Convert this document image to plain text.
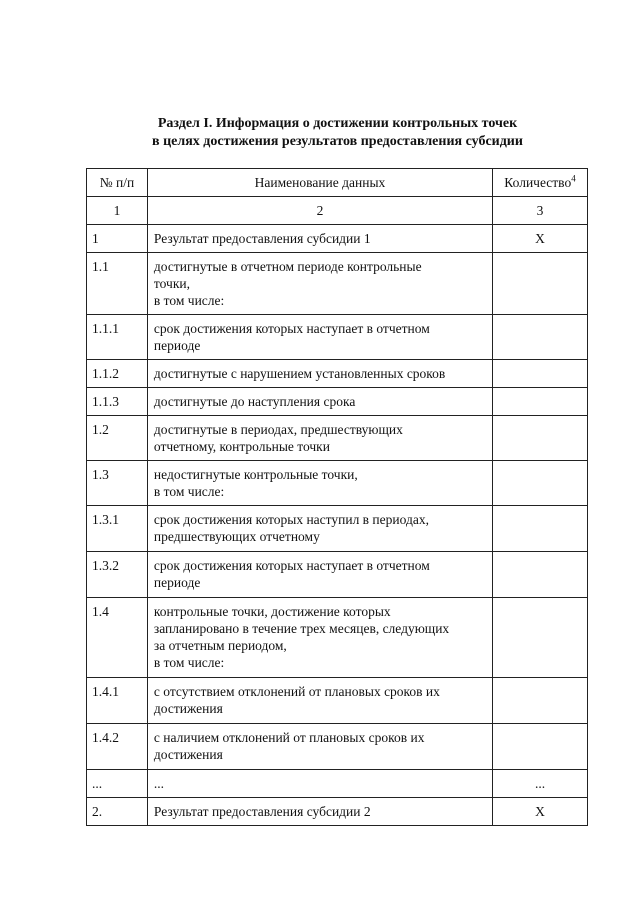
Раздел I. Информация о достижении контрольных точек
в целях достижения результатов предоставления субсидии
№ п/п	Наименование данных	Количество$^4$
1	2	3
1	Результат предоставления субсидии 1	X
1.1	достигнутые в отчетном периоде контрольные
точки,
в том числе:	

1.1.1	срок достижения которых наступает в отчетном
периоде	

1.1.2	достигнутые с нарушением установленных сроков	

1.1.3	достигнутые до наступления срока	

1.2	достигнутые в периодах, предшествующих
отчетному, контрольные точки	

1.3	недостигнутые контрольные точки,
в том числе:	

1.3.1	срок достижения которых наступил в периодах,
предшествующих отчетному	

1.3.2	срок достижения которых наступает в отчетном
периоде	

1.4	контрольные точки, достижение которых
запланировано в течение трех месяцев, следующих
за отчетным периодом,
в том числе:	

1.4.1	с отсутствием отклонений от плановых сроков их
достижения	

1.4.2	с наличием отклонений от плановых сроков их
достижения	

...	...	...
2.	Результат предоставления субсидии 2	X
